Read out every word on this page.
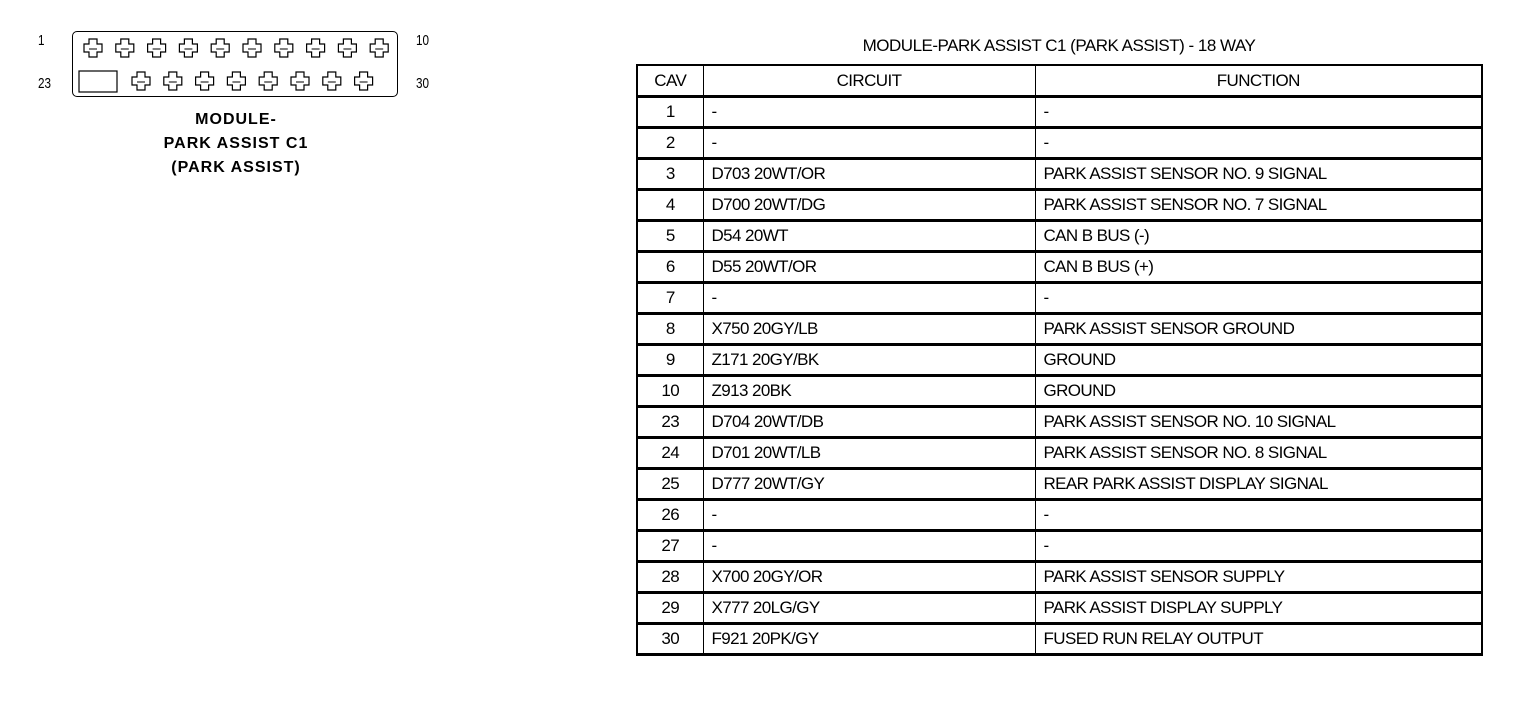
1	10
23	30
MODULE-
PARK ASSIST C1
(PARK ASSIST)
MODULE-PARK ASSIST C1 (PARK ASSIST) - 18 WAY
CAV	CIRCUIT	FUNCTION
1	-	-
2	-	-
3	D703 20WT/OR	PARK ASSIST SENSOR NO. 9 SIGNAL
4	D700 20WT/DG	PARK ASSIST SENSOR NO. 7 SIGNAL
5	D54 20WT	CAN B BUS (-)
6	D55 20WT/OR	CAN B BUS (+)
7	-	-
8	X750 20GY/LB	PARK ASSIST SENSOR GROUND
9	Z171 20GY/BK	GROUND
10	Z913 20BK	GROUND
23	D704 20WT/DB	PARK ASSIST SENSOR NO. 10 SIGNAL
24	D701 20WT/LB	PARK ASSIST SENSOR NO. 8 SIGNAL
25	D777 20WT/GY	REAR PARK ASSIST DISPLAY SIGNAL
26	-	-
27	-	-
28	X700 20GY/OR	PARK ASSIST SENSOR SUPPLY
29	X777 20LG/GY	PARK ASSIST DISPLAY SUPPLY
30	F921 20PK/GY	FUSED RUN RELAY OUTPUT
